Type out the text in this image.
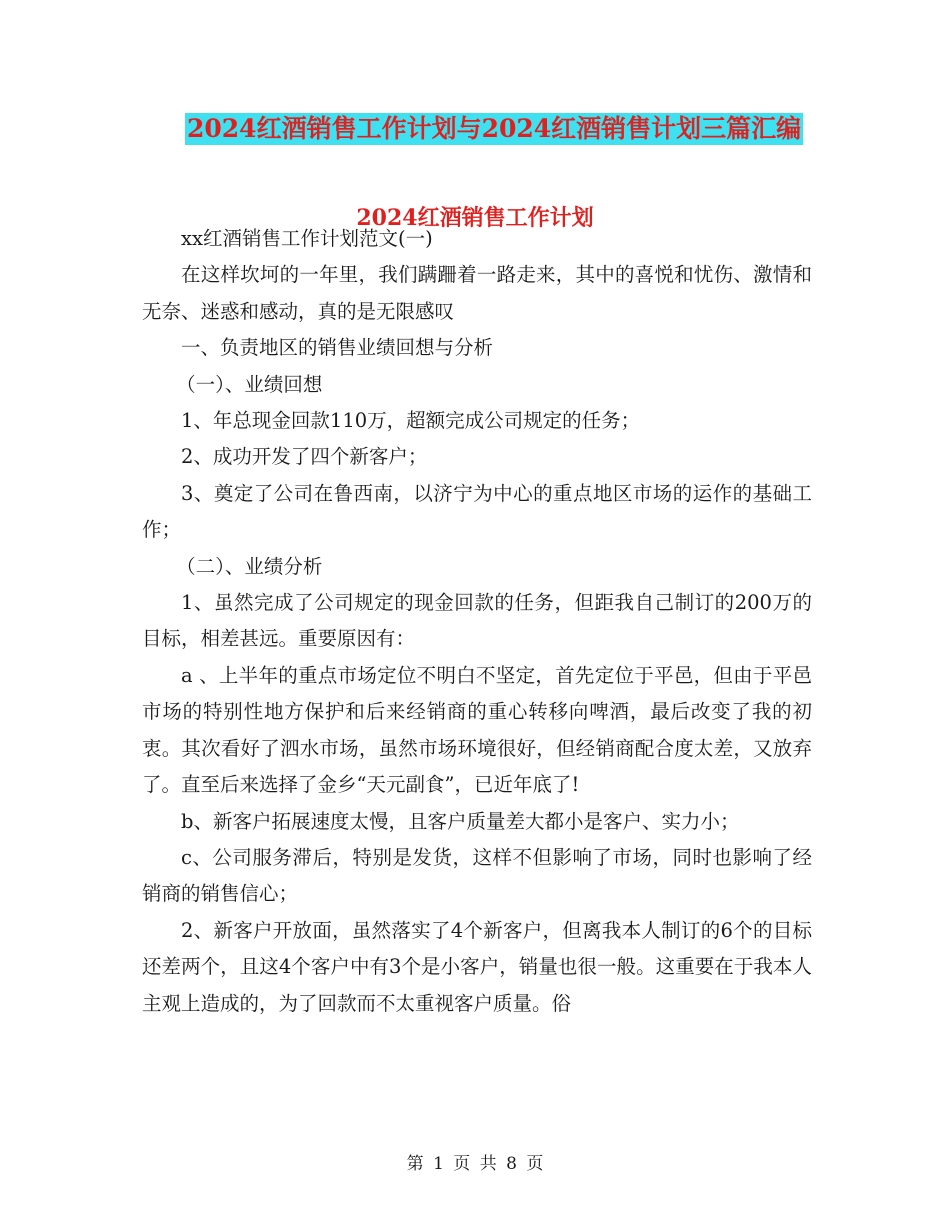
2024红酒销售工作计划与2024红酒销售计划三篇汇编
2024红酒销售工作计划

xx红酒销售工作计划范文(一)

在这样坎坷的一年里，我们蹒跚着一路走来，其中的喜悦和忧伤、激情和无奈、迷惑和感动，真的是无限感叹

一、负责地区的销售业绩回想与分析

（一）、业绩回想

1、年总现金回款110万，超额完成公司规定的任务；

2、成功开发了四个新客户；

3、奠定了公司在鲁西南，以济宁为中心的重点地区市场的运作的基础工作；

（二）、业绩分析

1、虽然完成了公司规定的现金回款的任务，但距我自己制订的200万的目标，相差甚远。重要原因有：

a 、上半年的重点市场定位不明白不坚定，首先定位于平邑，但由于平邑市场的特别性地方保护和后来经销商的重心转移向啤酒，最后改变了我的初衷。其次看好了泗水市场，虽然市场环境很好，但经销商配合度太差，又放弃了。直至后来选择了金乡“天元副食”，已近年底了!

b、新客户拓展速度太慢，且客户质量差大都小是客户、实力小；

c、公司服务滞后，特别是发货，这样不但影响了市场，同时也影响了经销商的销售信心；

2、新客户开放面，虽然落实了4个新客户，但离我本人制订的6个的目标还差两个，且这4个客户中有3个是小客户，销量也很一般。这重要在于我本人主观上造成的，为了回款而不太重视客户质量。俗

第 1 页 共 8 页
